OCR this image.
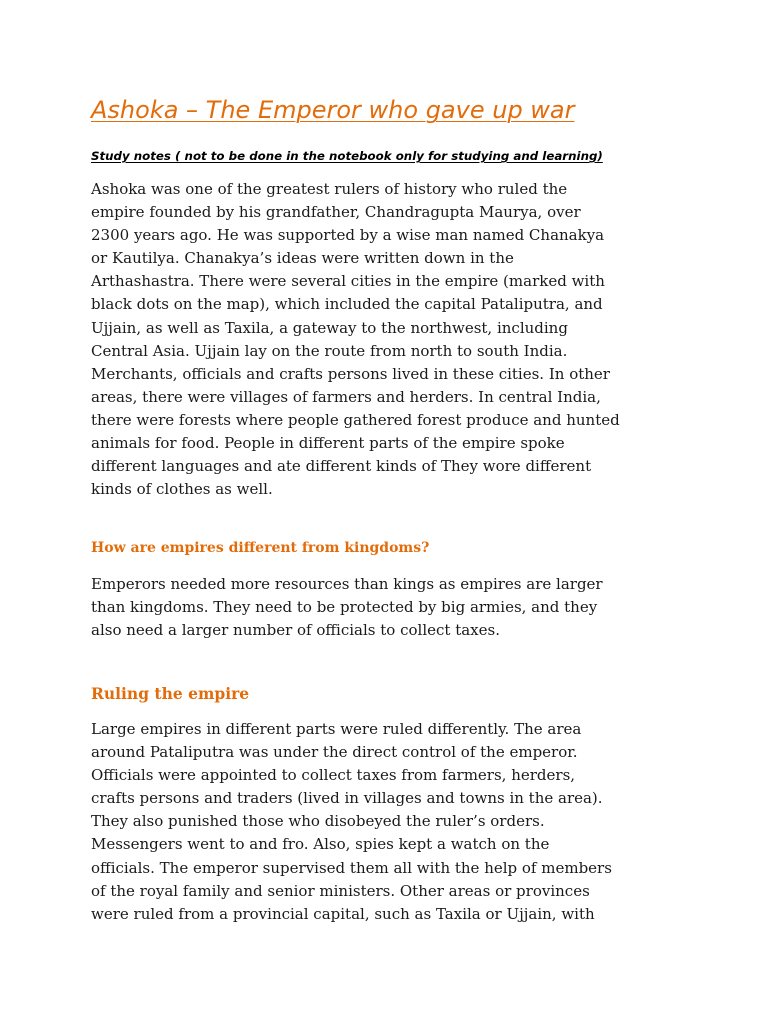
Ashoka – The Emperor who gave up war

Study notes ( not to be done in the notebook only for studying and learning)

Ashoka was one of the greatest rulers of history who ruled the
empire founded by his grandfather, Chandragupta Maurya, over
2300 years ago. He was supported by a wise man named Chanakya
or Kautilya. Chanakya’s ideas were written down in the
Arthashastra. There were several cities in the empire (marked with
black dots on the map), which included the capital Pataliputra, and
Ujjain, as well as Taxila, a gateway to the northwest, including
Central Asia. Ujjain lay on the route from north to south India.
Merchants, officials and crafts persons lived in these cities. In other
areas, there were villages of farmers and herders. In central India,
there were forests where people gathered forest produce and hunted
animals for food. People in different parts of the empire spoke
different languages and ate different kinds of They wore different
kinds of clothes as well.

How are empires different from kingdoms?

Emperors needed more resources than kings as empires are larger
than kingdoms. They need to be protected by big armies, and they
also need a larger number of officials to collect taxes.

Ruling the empire

Large empires in different parts were ruled differently. The area
around Pataliputra was under the direct control of the emperor.
Officials were appointed to collect taxes from farmers, herders,
crafts persons and traders (lived in villages and towns in the area).
They also punished those who disobeyed the ruler’s orders.
Messengers went to and fro. Also, spies kept a watch on the
officials. The emperor supervised them all with the help of members
of the royal family and senior ministers. Other areas or provinces
were ruled from a provincial capital, such as Taxila or Ujjain, with
